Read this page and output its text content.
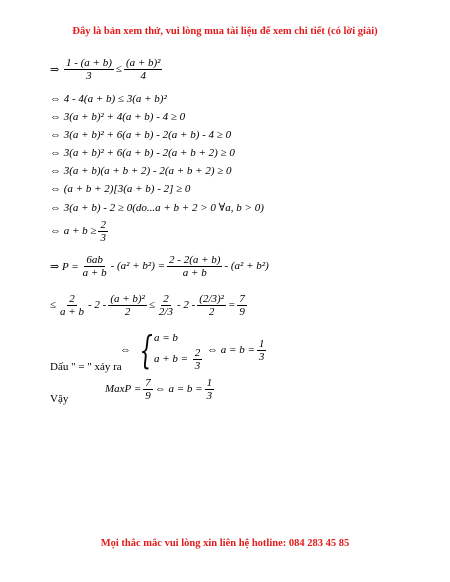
Đây là bản xem thử, vui lòng mua tài liệu để xem chi tiết (có lời giải)
⇒
$\frac{1 - (a + b)}{3} \le \frac{\text{(a + b)²}}{4}$
⇔ 4 - 4(a + b) ≤ 3(a + b)²
⇔ 3(a + b)² + 4(a + b) - 4 ≥ 0
⇔ 3(a + b)² + 6(a + b) - 2(a + b) - 4 ≥ 0
⇔ 3(a + b)² + 6(a + b) - 2(a + b + 2) ≥ 0
⇔ 3(a + b)(a + b + 2) - 2(a + b + 2) ≥ 0
⇔ (a + b + 2)[3(a + b) - 2] ≥ 0
⇔ 3(a + b) - 2 ≥ 0(do...a + b + 2 > 0 ∀a, b > 0)
⇔ $a + b \ge \frac{2}{3}$
⇒ $P = \frac{6ab}{a + b} - (a^2 + b^2) = \frac{2 - 2(a + b)}{a + b} - (a^2 + b^2)$
≤ $\frac{2}{a + b} - 2 - \frac{\text{(a + b)²}}{2} \le \frac{2}{2/3} - 2 - \frac{\text{(2/3)²}}{2} = \frac{7}{9}$
⇔
{ a = b
$a + b = \frac{2}{3}$
⇔ $a = b = \frac{1}{3}$
Dấu " = " xảy ra
MaxP = $\frac{7}{9}$ ⇔ $a = b = \frac{1}{3}$
Vậy
Mọi thắc mắc vui lòng xin liên hệ hotline: 084 283 45 85
